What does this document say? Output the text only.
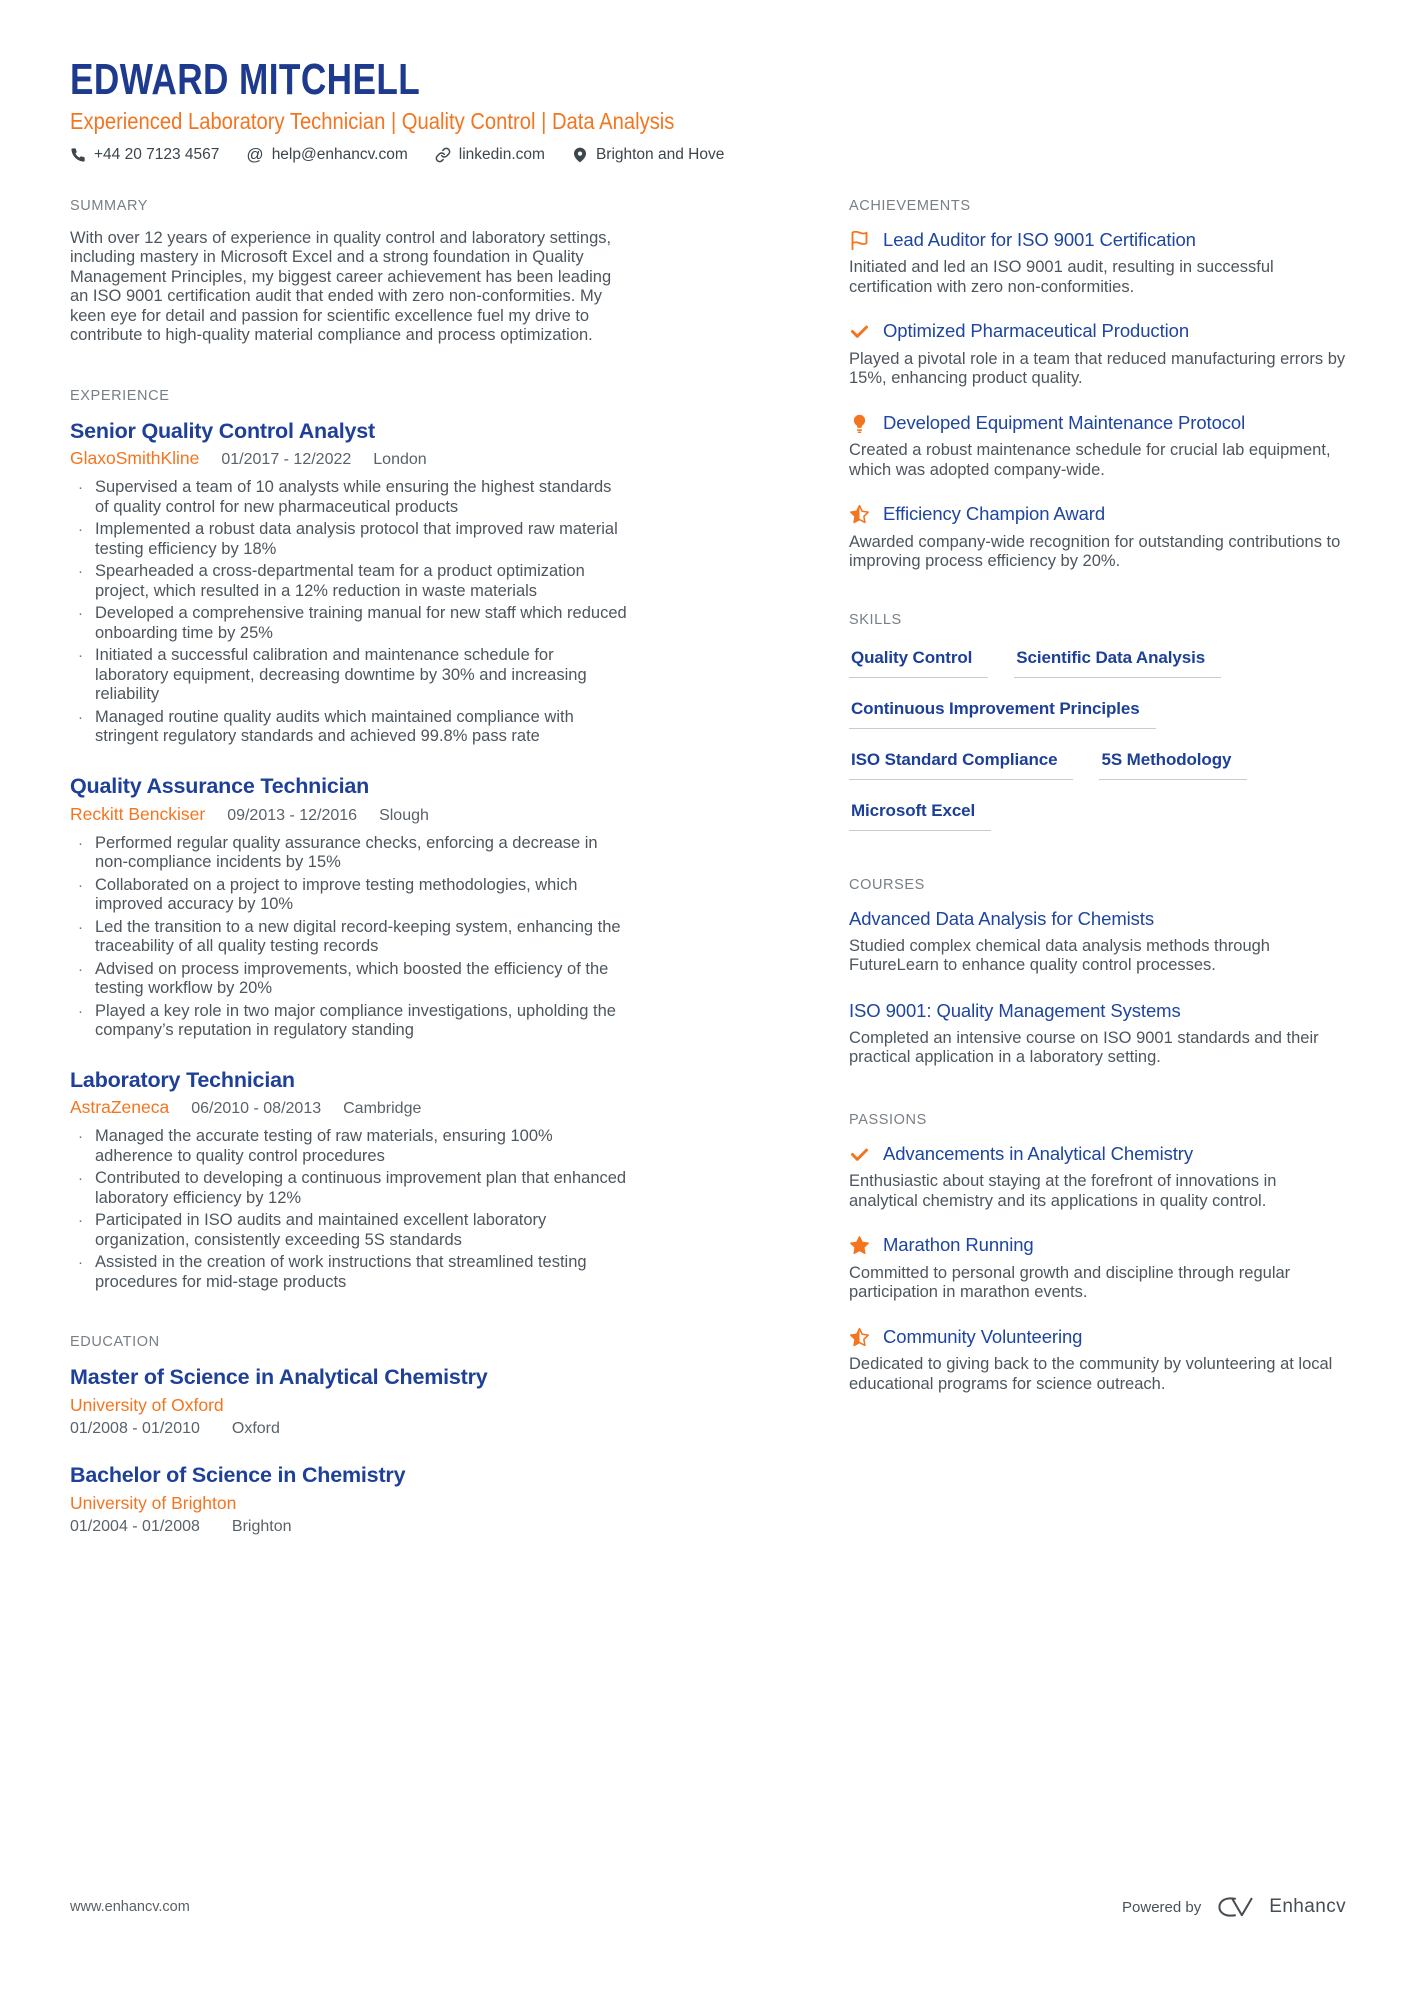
EDWARD MITCHELL
Experienced Laboratory Technician | Quality Control | Data Analysis
+44 20 7123 4567 @ help@enhancv.com	linkedin.com	Brighton and Hove

SUMMARY

With over 12 years of experience in quality control and laboratory settings, including mastery in Microsoft Excel and a strong foundation in Quality Management Principles, my biggest career achievement has been leading an ISO 9001 certification audit that ended with zero non-conformities. My keen eye for detail and passion for scientific excellence fuel my drive to contribute to high-quality material compliance and process optimization.

EXPERIENCE

Senior Quality Control Analyst
GlaxoSmithKline 01/2017 - 12/2022 London
· Supervised a team of 10 analysts while ensuring the highest standards of quality control for new pharmaceutical products
· Implemented a robust data analysis protocol that improved raw material testing efficiency by 18%
· Spearheaded a cross-departmental team for a product optimization project, which resulted in a 12% reduction in waste materials
· Developed a comprehensive training manual for new staff which reduced onboarding time by 25%
· Initiated a successful calibration and maintenance schedule for laboratory equipment, decreasing downtime by 30% and increasing reliability
· Managed routine quality audits which maintained compliance with stringent regulatory standards and achieved 99.8% pass rate
Quality Assurance Technician
Reckitt Benckiser 09/2013 - 12/2016 Slough
· Performed regular quality assurance checks, enforcing a decrease in non-compliance incidents by 15%
· Collaborated on a project to improve testing methodologies, which improved accuracy by 10%
· Led the transition to a new digital record-keeping system, enhancing the traceability of all quality testing records
· Advised on process improvements, which boosted the efficiency of the testing workflow by 20%
· Played a key role in two major compliance investigations, upholding the company’s reputation in regulatory standing
Laboratory Technician
AstraZeneca 06/2010 - 08/2013 Cambridge
· Managed the accurate testing of raw materials, ensuring 100% adherence to quality control procedures
· Contributed to developing a continuous improvement plan that enhanced laboratory efficiency by 12%
· Participated in ISO audits and maintained excellent laboratory organization, consistently exceeding 5S standards
· Assisted in the creation of work instructions that streamlined testing procedures for mid-stage products

EDUCATION

Master of Science in Analytical Chemistry
University of Oxford
01/2008 - 01/2010 Oxford
Bachelor of Science in Chemistry
University of Brighton
01/2004 - 01/2008 Brighton

ACHIEVEMENTS

Lead Auditor for ISO 9001 Certification

Initiated and led an ISO 9001 audit, resulting in successful certification with zero non-conformities.

Optimized Pharmaceutical Production

Played a pivotal role in a team that reduced manufacturing errors by 15%, enhancing product quality.

Developed Equipment Maintenance Protocol

Created a robust maintenance schedule for crucial lab equipment, which was adopted company-wide.

Efficiency Champion Award

Awarded company-wide recognition for outstanding contributions to improving process efficiency by 20%.

SKILLS

Quality Control	Scientific Data Analysis
Continuous Improvement Principles
ISO Standard Compliance	5S Methodology
Microsoft Excel

COURSES

Advanced Data Analysis for Chemists

Studied complex chemical data analysis methods through FutureLearn to enhance quality control processes.

ISO 9001: Quality Management Systems

Completed an intensive course on ISO 9001 standards and their practical application in a laboratory setting.

PASSIONS

Advancements in Analytical Chemistry

Enthusiastic about staying at the forefront of innovations in analytical chemistry and its applications in quality control.

Marathon Running

Committed to personal growth and discipline through regular participation in marathon events.

Community Volunteering

Dedicated to giving back to the community by volunteering at local educational programs for science outreach.

www.enhancv.com	Powered by	Enhancv
